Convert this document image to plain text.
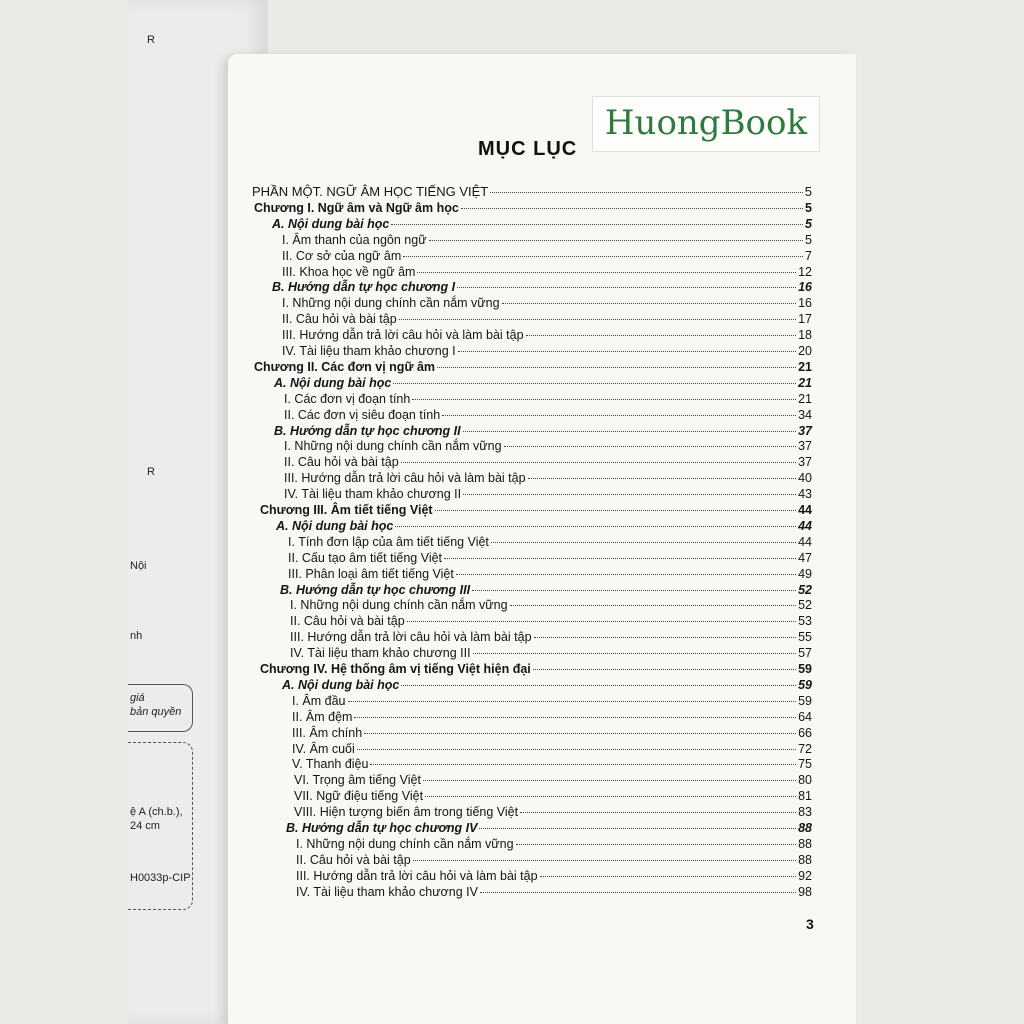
R
R
Nội
nh
giá
bản quyền
ệ A (ch.b.),
24 cm
H0033p-CIP
HuongBook
MỤC LỤC
PHẦN MỘT. NGỮ ÂM HỌC TIẾNG VIỆT	5
Chương I. Ngữ âm và Ngữ âm học	5
A. Nội dung bài học	5
I. Âm thanh của ngôn ngữ	5
II. Cơ sở của ngữ âm	7
III. Khoa học về ngữ âm	12
B. Hướng dẫn tự học chương I	16
I. Những nội dung chính cần nắm vững	16
II. Câu hỏi và bài tập	17
III. Hướng dẫn trả lời câu hỏi và làm bài tập	18
IV. Tài liệu tham khảo chương I	20
Chương II. Các đơn vị ngữ âm	21
A. Nội dung bài học	21
I. Các đơn vị đoạn tính	21
II. Các đơn vị siêu đoạn tính	34
B. Hướng dẫn tự học chương II	37
I. Những nội dung chính cần nắm vững	37
II. Câu hỏi và bài tập	37
III. Hướng dẫn trả lời câu hỏi và làm bài tập	40
IV. Tài liệu tham khảo chương II	43
Chương III. Âm tiết tiếng Việt	44
A. Nội dung bài học	44
I. Tính đơn lập của âm tiết tiếng Việt	44
II. Cấu tạo âm tiết tiếng Việt	47
III. Phân loại âm tiết tiếng Việt	49
B. Hướng dẫn tự học chương III	52
I. Những nội dung chính cần nắm vững	52
II. Câu hỏi và bài tập	53
III. Hướng dẫn trả lời câu hỏi và làm bài tập	55
IV. Tài liệu tham khảo chương III	57
Chương IV. Hệ thống âm vị tiếng Việt hiện đại	59
A. Nội dung bài học	59
I. Âm đầu	59
II. Âm đệm	64
III. Âm chính	66
IV. Âm cuối	72
V. Thanh điệu	75
VI. Trọng âm tiếng Việt	80
VII. Ngữ điệu tiếng Việt	81
VIII. Hiện tượng biến âm trong tiếng Việt	83
B. Hướng dẫn tự học chương IV	88
I. Những nội dung chính cần nắm vững	88
II. Câu hỏi và bài tập	88
III. Hướng dẫn trả lời câu hỏi và làm bài tập	92
IV. Tài liệu tham khảo chương IV	98
3
